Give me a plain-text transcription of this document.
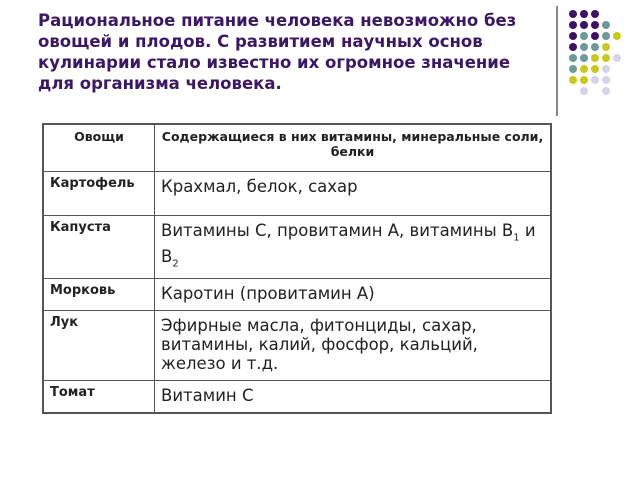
Рациональное питание человека невозможно без овощей и плодов. С развитием научных основ кулинарии стало известно их огромное значение для организма человека.
Овощи	Содержащиеся в них витамины, минеральные соли, белки
Картофель	Крахмал, белок, сахар
Капуста	Витамины С, провитамин А, витамины $В_1$ и $В_2$
Морковь	Каротин (провитамин А)
Лук	Эфирные масла, фитонциды, сахар, витамины, калий, фосфор, кальций, железо и т.д.
Томат	Витамин С
